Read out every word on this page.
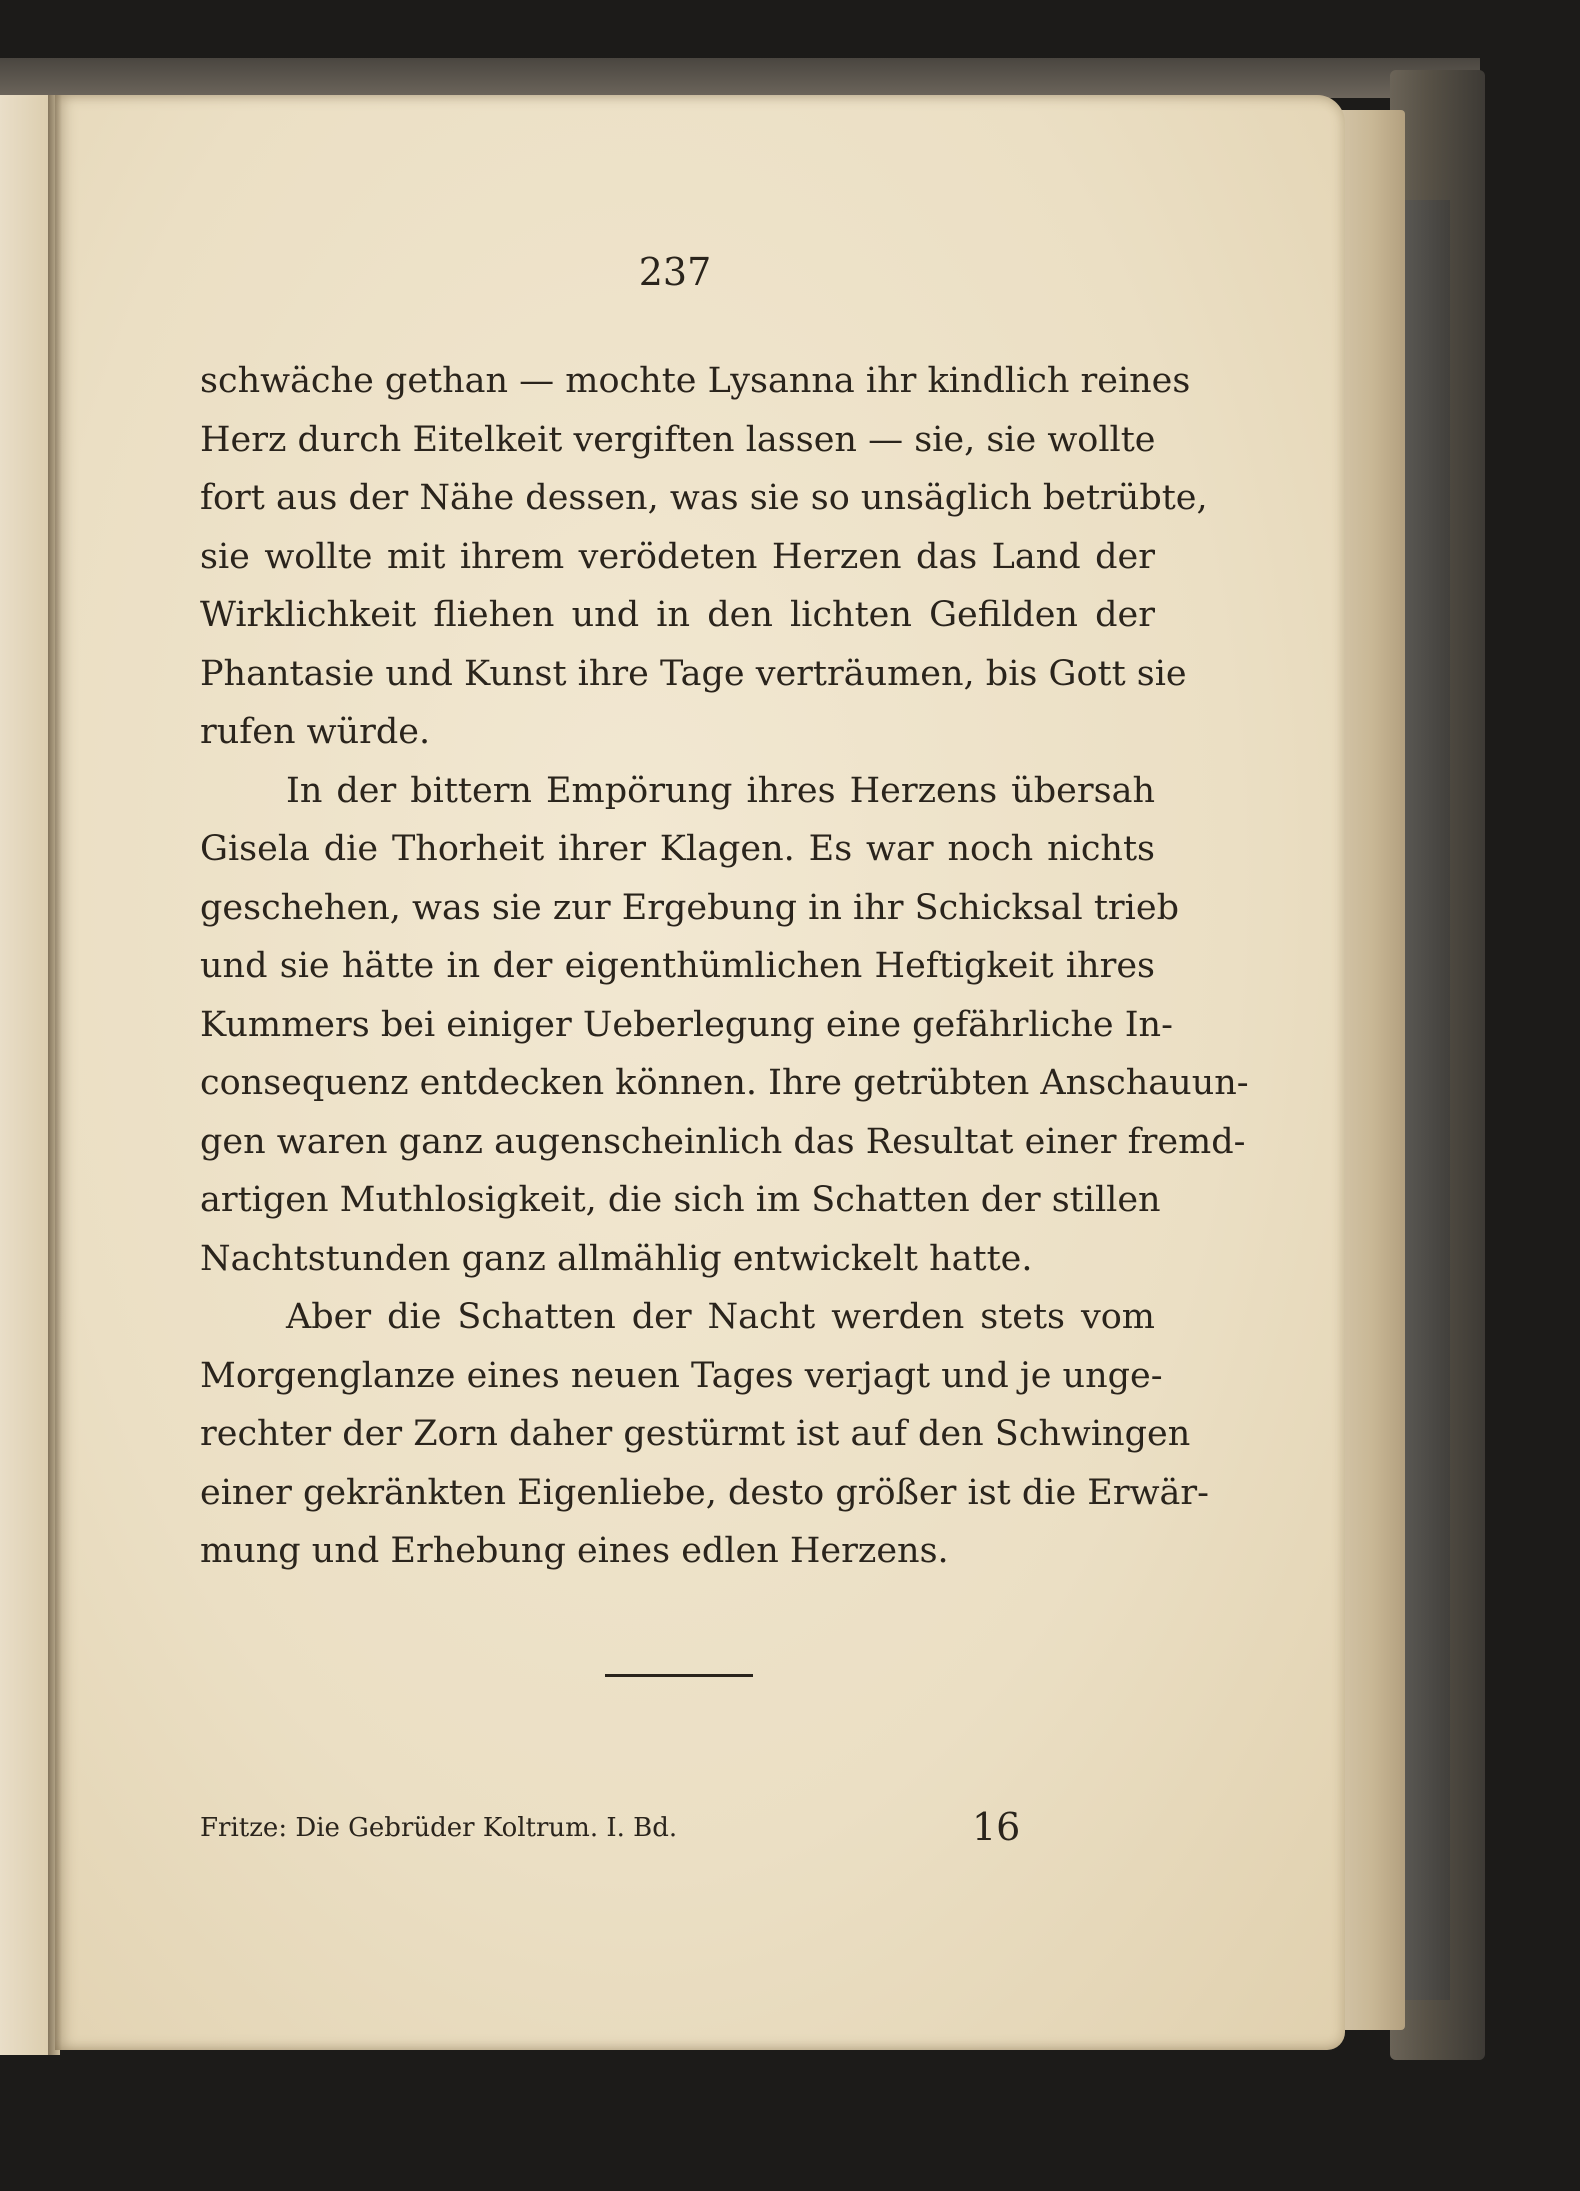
237
schwäche gethan — mochte Lysanna ihr kindlich reines
Herz durch Eitelkeit vergiften lassen — sie, sie wollte
fort aus der Nähe dessen, was sie so unsäglich betrübte,
sie wollte mit ihrem verödeten Herzen das Land der
Wirklichkeit fliehen und in den lichten Gefilden der
Phantasie und Kunst ihre Tage verträumen, bis Gott sie
rufen würde.
In der bittern Empörung ihres Herzens übersah
Gisela die Thorheit ihrer Klagen. Es war noch nichts
geschehen, was sie zur Ergebung in ihr Schicksal trieb
und sie hätte in der eigenthümlichen Heftigkeit ihres
Kummers bei einiger Ueberlegung eine gefährliche In-
consequenz entdecken können. Ihre getrübten Anschauun-
gen waren ganz augenscheinlich das Resultat einer fremd-
artigen Muthlosigkeit, die sich im Schatten der stillen
Nachtstunden ganz allmählig entwickelt hatte.
Aber die Schatten der Nacht werden stets vom
Morgenglanze eines neuen Tages verjagt und je unge-
rechter der Zorn daher gestürmt ist auf den Schwingen
einer gekränkten Eigenliebe, desto größer ist die Erwär-
mung und Erhebung eines edlen Herzens.
Fritze: Die Gebrüder Koltrum. I. Bd.	16
